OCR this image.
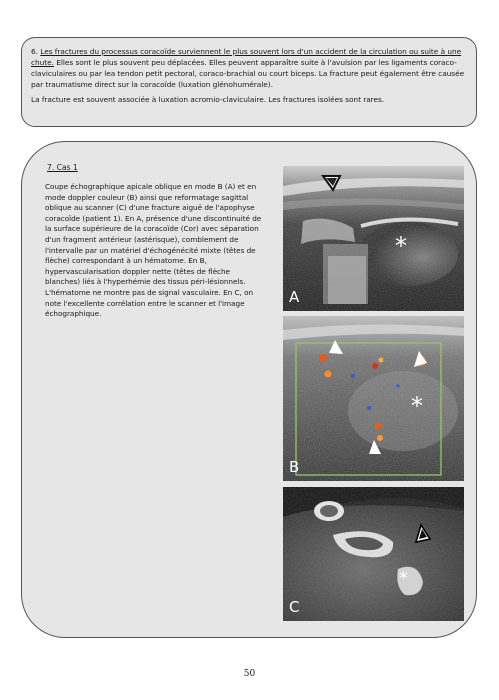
6. Les fractures du processus coracoïde surviennent le plus souvent lors d'un accident de la circulation ou suite à une chute. Elles sont le plus souvent peu déplacées. Elles peuvent apparaître suite à l'avulsion par les ligaments coraco-claviculaires ou par lea tendon petit pectoral, coraco-brachial ou court biceps. La fracture peut également être causée par traumatisme direct sur la coracoïde (luxation glénohumérale).

La fracture est souvent associée à luxation acromio-claviculaire. Les fractures isolées sont rares.

7. Cas 1

Coupe échographique apicale oblique en mode B (A) et en mode doppler couleur (B) ainsi que reformatage sagittal oblique au scanner (C) d'une fracture aiguë de l'apophyse coracoïde (patient 1). En A, présence d'une discontinuité de la surface supérieure de la coracoïde (Cor) avec séparation d'un fragment antérieur (astérisque), comblement de l'intervalle par un matériel d'échogénécité mixte (têtes de flèche) correspondant à un hématome. En B, hypervascularisation doppler nette (têtes de flèche blanches) liés à l'hyperhémie des tissus péri-lésionnels. L'hématome ne montre pas de signal vasculaire. En C, on note l'excellente corrélation entre le scanner et l'image échographique.

*
A
*
B
*
C
50
